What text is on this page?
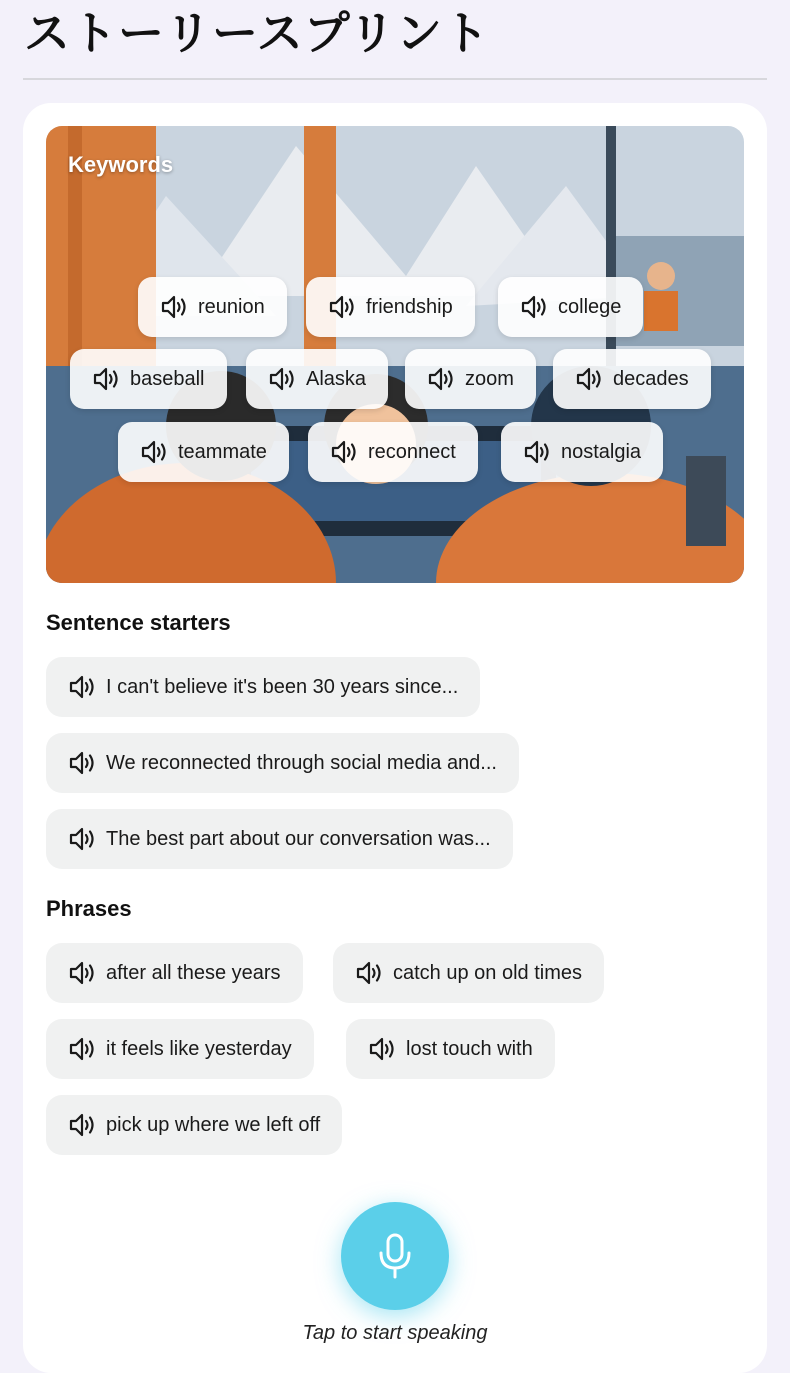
ストーリースプリント
Keywords
reunion	friendship	college
baseball	Alaska	zoom	decades
teammate	reconnect	nostalgia
Sentence starters
I can't believe it's been 30 years since...
We reconnected through social media and...
The best part about our conversation was...
Phrases
after all these years	catch up on old times
it feels like yesterday	lost touch with
pick up where we left off
Tap to start speaking
